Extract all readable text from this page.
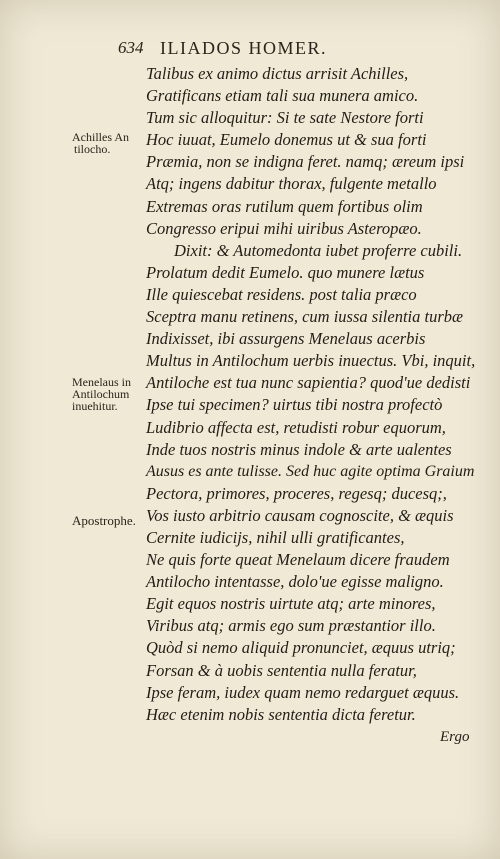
634 ILIADOS HOMER.
Achilles An
tilocho.
Menelaus in
Antilochum
inuehitur.
Apostrophe.
Talibus ex animo dictus arrisit Achilles,
Gratificans etiam tali sua munera amico.
Tum sic alloquitur: Si te sate Nestore forti
Hoc iuuat, Eumelo donemus ut & sua forti
Præmia, non se indigna feret. namq; æreum ipsi
Atq; ingens dabitur thorax, fulgente metallo
Extremas oras rutilum quem fortibus olim
Congresso eripui mihi uiribus Asteropæo.
Dixit: & Automedonta iubet proferre cubili.
Prolatum dedit Eumelo. quo munere lætus
Ille quiescebat residens. post talia præco
Sceptra manu retinens, cum iussa silentia turbæ
Indixisset, ibi assurgens Menelaus acerbis
Multus in Antilochum uerbis inuectus. Vbi, inquit,
Antiloche est tua nunc sapientia? quod'ue dedisti
Ipse tui specimen? uirtus tibi nostra profectò
Ludibrio affecta est, retudisti robur equorum,
Inde tuos nostris minus indole & arte ualentes
Ausus es ante tulisse. Sed huc agite optima Graium
Pectora, primores, proceres, regesq; ducesq;,
Vos iusto arbitrio causam cognoscite, & æquis
Cernite iudicijs, nihil ulli gratificantes,
Ne quis forte queat Menelaum dicere fraudem
Antilocho intentasse, dolo'ue egisse maligno.
Egit equos nostris uirtute atq; arte minores,
Viribus atq; armis ego sum præstantior illo.
Quòd si nemo aliquid pronunciet, æquus utriq;
Forsan & à uobis sententia nulla feratur,
Ipse feram, iudex quam nemo redarguet æquus.
Hæc etenim nobis sententia dicta feretur.
Ergo
